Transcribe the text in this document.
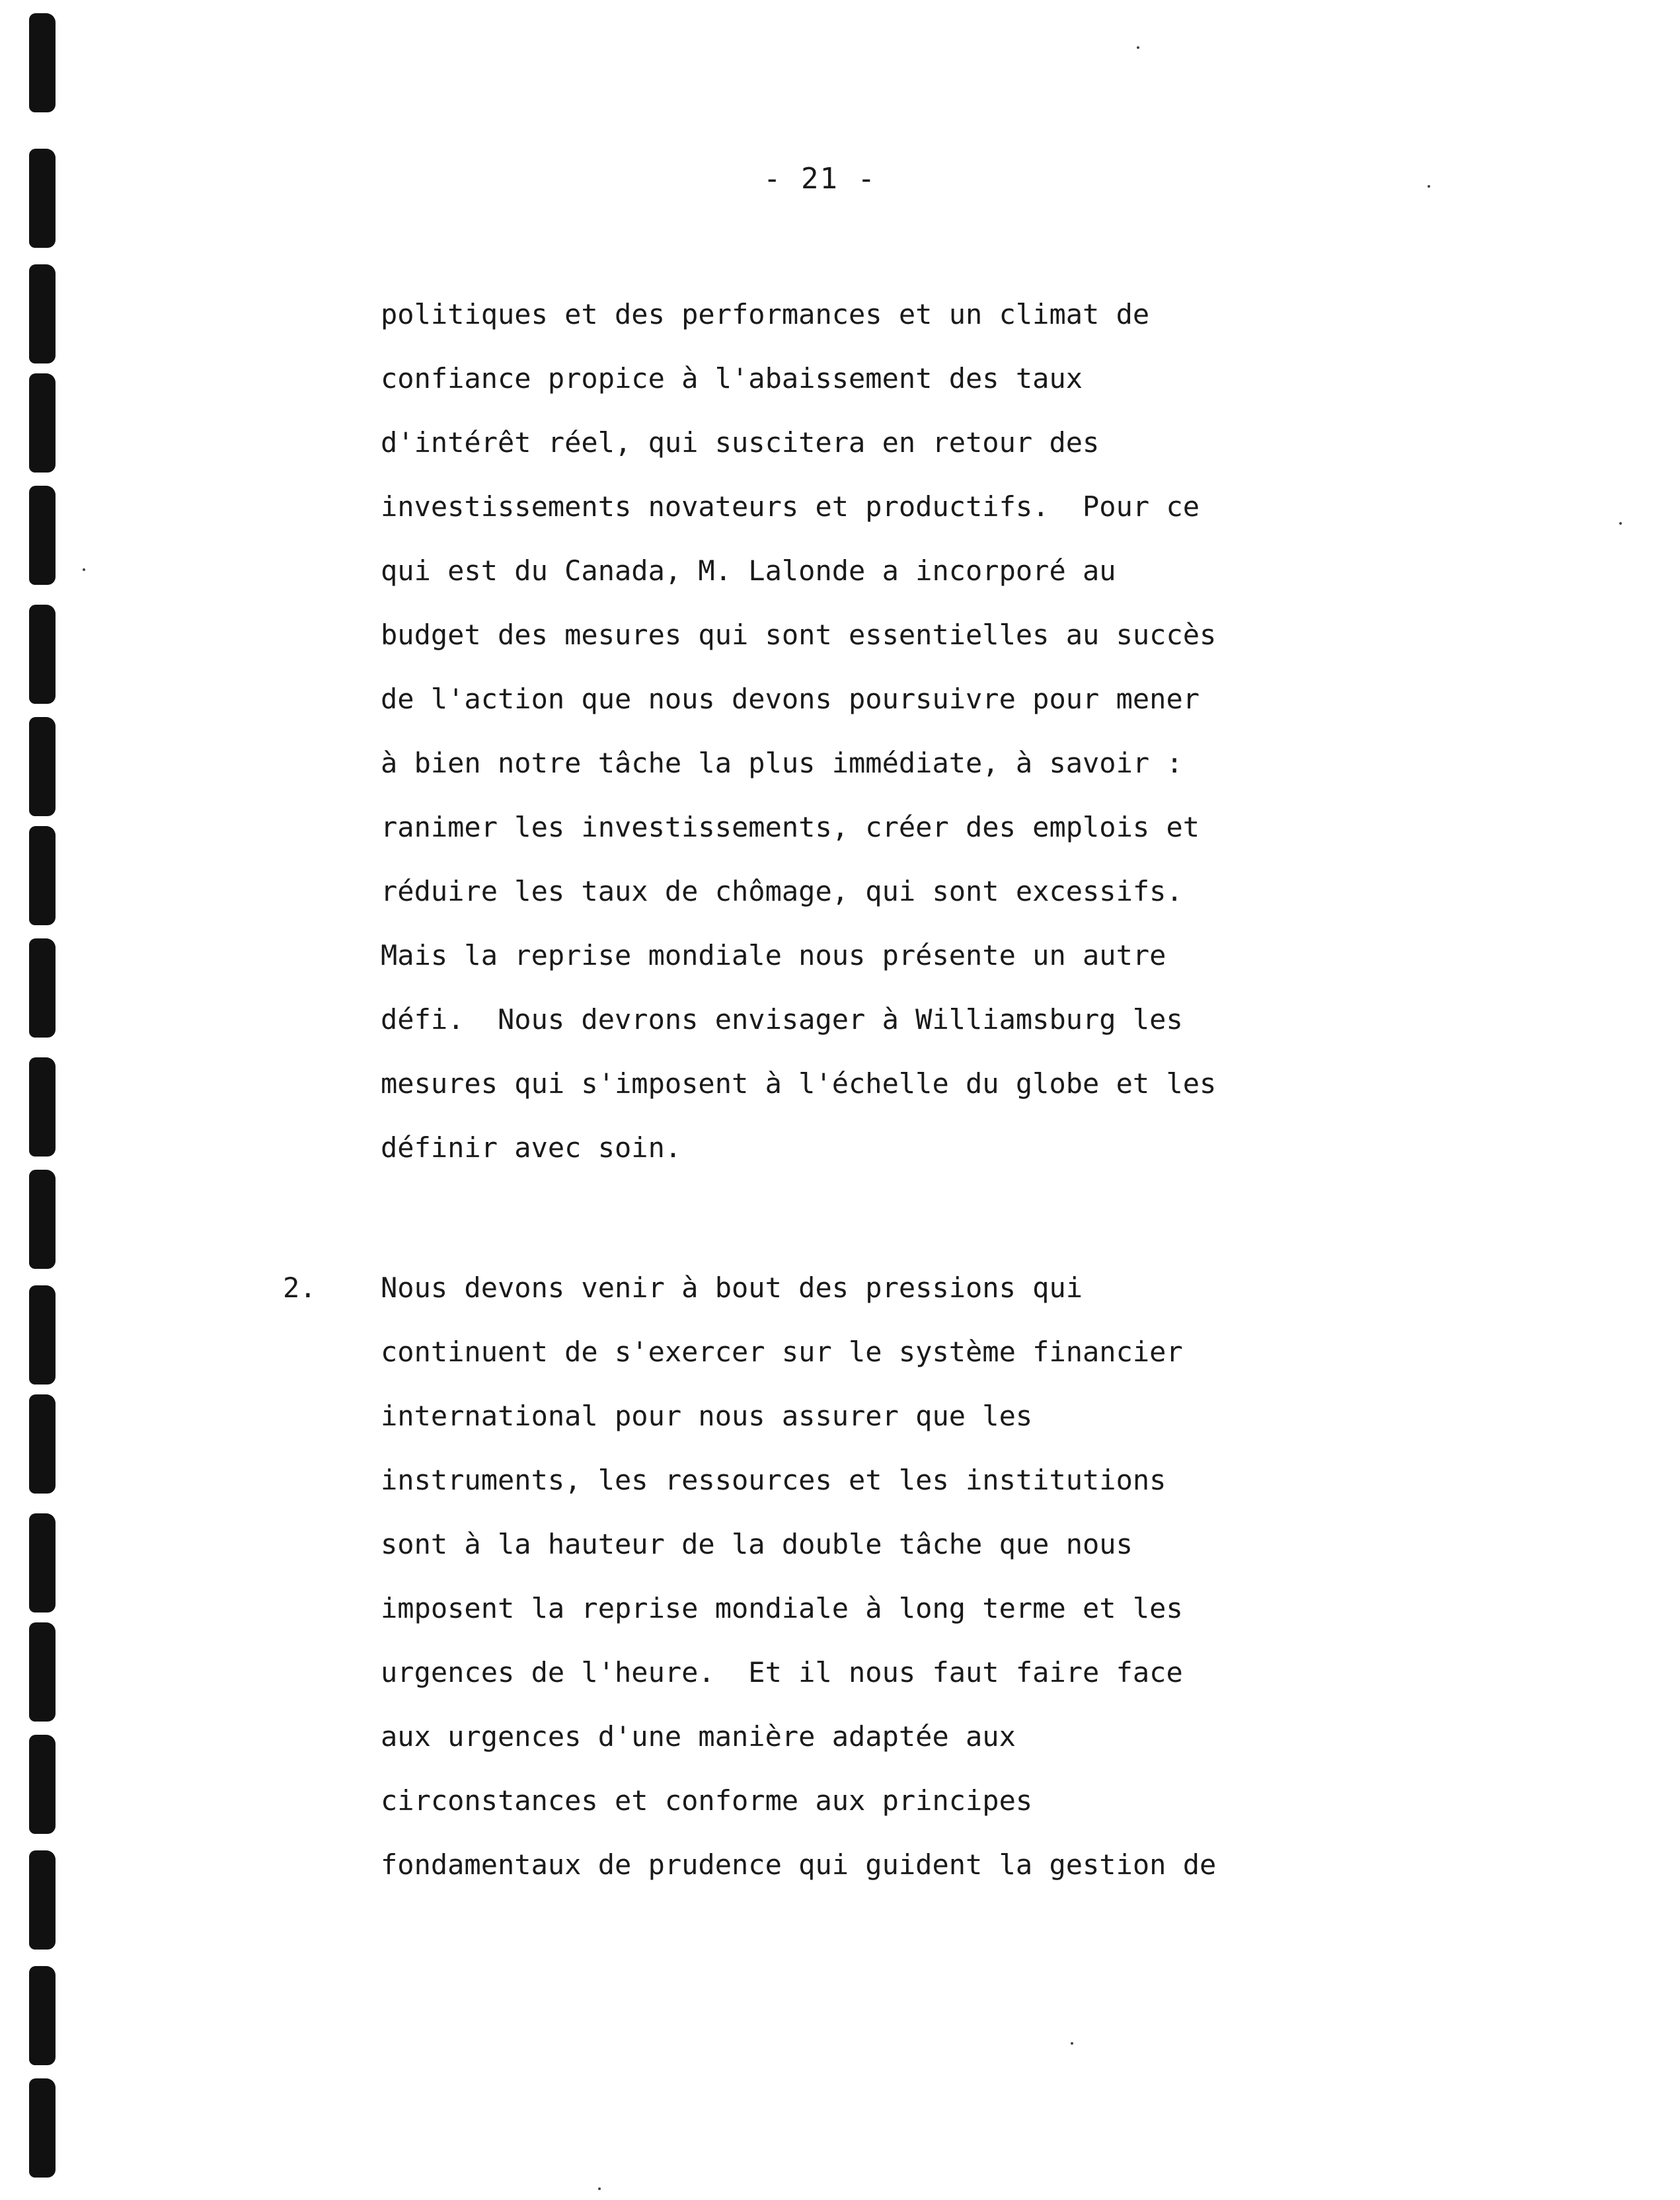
- 21 -
politiques et des performances et un climat de
confiance propice à l'abaissement des taux
d'intérêt réel, qui suscitera en retour des
investissements novateurs et productifs.  Pour ce
qui est du Canada, M. Lalonde a incorporé au
budget des mesures qui sont essentielles au succès
de l'action que nous devons poursuivre pour mener
à bien notre tâche la plus immédiate, à savoir :
ranimer les investissements, créer des emplois et
réduire les taux de chômage, qui sont excessifs.
Mais la reprise mondiale nous présente un autre
défi.  Nous devrons envisager à Williamsburg les
mesures qui s'imposent à l'échelle du globe et les
définir avec soin.
2. Nous devons venir à bout des pressions qui
continuent de s'exercer sur le système financier
international pour nous assurer que les
instruments, les ressources et les institutions
sont à la hauteur de la double tâche que nous
imposent la reprise mondiale à long terme et les
urgences de l'heure.  Et il nous faut faire face
aux urgences d'une manière adaptée aux
circonstances et conforme aux principes
fondamentaux de prudence qui guident la gestion de
